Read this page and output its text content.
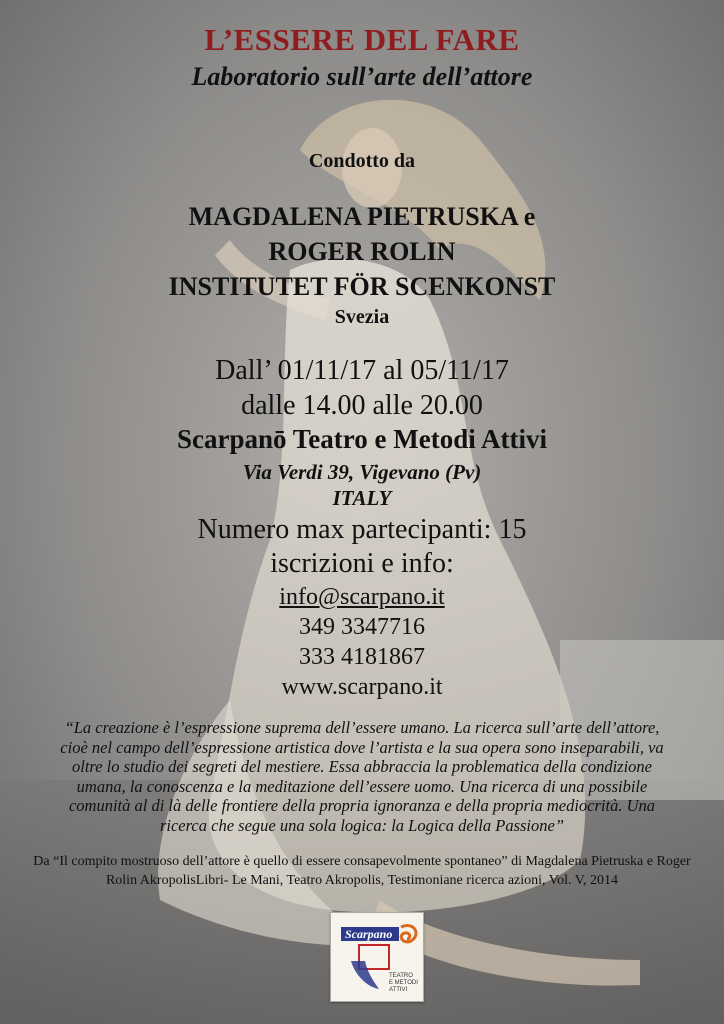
L’ESSERE DEL FARE
Laboratorio sull’arte dell’attore
Condotto da
MAGDALENA PIETRUSKA e
ROGER ROLIN
INSTITUTET FÖR SCENKONST
Svezia
Dall’ 01/11/17 al 05/11/17
dalle 14.00 alle 20.00
Scarpanō Teatro e Metodi Attivi
Via Verdi 39, Vigevano (Pv)
ITALY
Numero max partecipanti: 15
iscrizioni e info:
info@scarpano.it
349 3347716
333 4181867
www.scarpano.it
“La creazione è l’espressione suprema dell’essere umano. La ricerca sull’arte dell’attore,
cioè nel campo dell’espressione artistica dove l’artista e la sua opera sono inseparabili, va
oltre lo studio dei segreti del mestiere. Essa abbraccia la problematica della condizione
umana, la conoscenza e la meditazione dell’essere uomo. Una ricerca di una possibile
comunità al di là delle frontiere della propria ignoranza e della propria mediocrità. Una
ricerca che segue una sola logica: la Logica della Passione”
Da “Il compito mostruoso dell’attore è quello di essere consapevolmente spontaneo” di Magdalena Pietruska e Roger
Rolin AkropolisLibri- Le Mani, Teatro Akropolis, Testimoniane ricerca azioni, Vol. V, 2014
Scarpano
TEATRO
E METODI
ATTIVI
